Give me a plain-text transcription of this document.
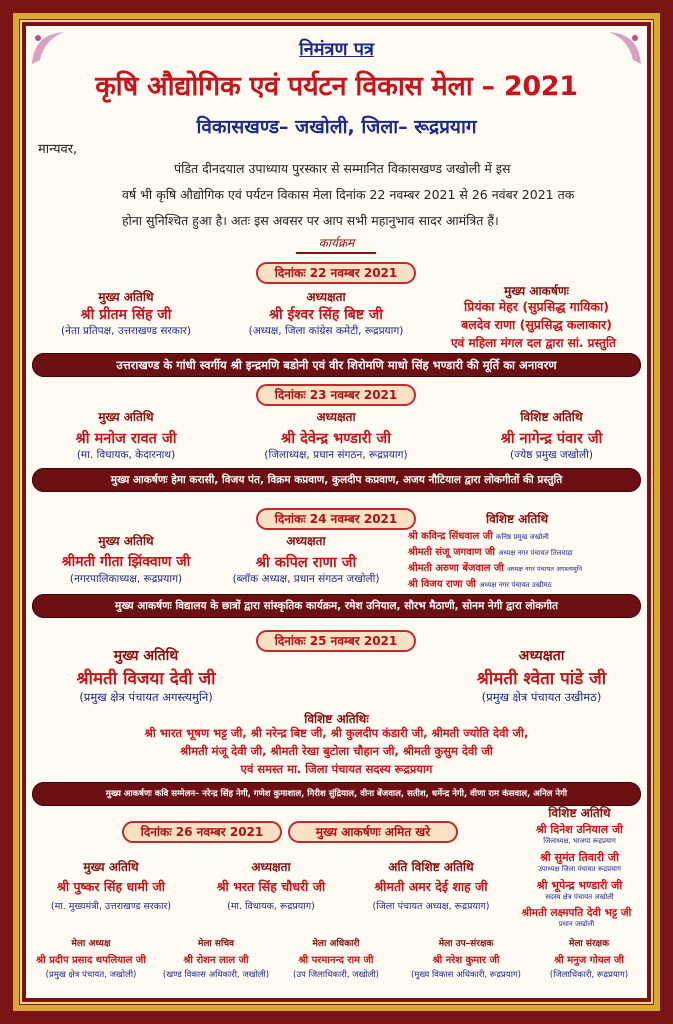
निमंत्रण पत्र
कृषि औद्योगिक एवं पर्यटन विकास मेला – 2021
विकासखण्ड– जखोली, जिला– रूद्रप्रयाग
मान्यवर,
पंडित दीनदयाल उपाध्याय पुरस्कार से सम्मानित विकासखण्ड जखोली में इस
वर्ष भी कृषि औद्योगिक एवं पर्यटन विकास मेला दिनांक 22 नवम्बर 2021 से 26 नवंबर 2021 तक
होना सुनिश्चित हुआ है। अतः इस अवसर पर आप सभी महानुभाव सादर आमंत्रित हैं।
कार्यक्रम
दिनांकः 22 नवम्बर 2021
मुख्य अतिथि
श्री प्रीतम सिंह जी
(नेता प्रतिपक्ष, उत्तराखण्ड सरकार)
अध्यक्षता
श्री ईश्वर सिंह बिष्ट जी
(अध्यक्ष, जिला कांग्रेस कमेटी, रूद्रप्रयाग)
मुख्य आकर्षणः
प्रियंका मेहर (सुप्रसिद्ध गायिका)
बलदेव राणा (सुप्रसिद्ध कलाकार)
एवं महिला मंगल दल द्वारा सां. प्रस्तुति
उत्तराखण्ड के गांधी स्वर्गीय श्री इन्द्रमणि बडोनी एवं वीर शिरोमणि माधो सिंह भण्डारी की मूर्ति का अनावरण
दिनांकः 23 नवम्बर 2021
मुख्य अतिथि
श्री मनोज रावत जी
(मा. विधायक, केदारनाथ)
अध्यक्षता
श्री देवेन्द्र भण्डारी जी
(जिलाध्यक्ष, प्रधान संगठन, रूद्रप्रयाग)
विशिष्ट अतिथि
श्री नागेन्द्र पंवार जी
(ज्येष्ठ प्रमुख जखोली)
मुख्य आकर्षणः हेमा करासी, विजय पंत, विक्रम कप्रवाण, कुलदीप कप्रवाण, अजय नौटियाल द्वारा लोकगीतों की प्रस्तुति
दिनांकः 24 नवम्बर 2021
मुख्य अतिथि
श्रीमती गीता झिंक्वाण जी
(नगरपालिकाध्यक्ष, रूद्रप्रयाग)
अध्यक्षता
श्री कपिल राणा जी
(ब्लॉक अध्यक्ष, प्रधान संगठन जखोली)
विशिष्ट अतिथि
श्री कविन्द्र सिंधवाल जी कनिष्ठ प्रमुख जखोली
श्रीमती संजू जगवाण जी अध्यक्ष नगर पंचायत तिलवाड़ा
श्रीमती अरुणा बेंजवाल जी अध्यक्ष नगर पंचायत अगस्त्यमुनि
श्री विजय राणा जी अध्यक्ष नगर पंचायत उखीमठ
मुख्य आकर्षणः विद्यालय के छात्रों द्वारा सांस्कृतिक कार्यक्रम, रमेश उनियाल, सौरभ मैठाणी, सोनम नेगी द्वारा लोकगीत
दिनांकः 25 नवम्बर 2021
मुख्य अतिथि
श्रीमती विजया देवी जी
(प्रमुख क्षेत्र पंचायत अगस्त्यमुनि)
अध्यक्षता
श्रीमती श्वेता पांडे जी
(प्रमुख क्षेत्र पंचायत उखीमठ)
विशिष्ट अतिथिः
श्री भारत भूषण भट्ट जी, श्री नरेन्द्र बिष्ट जी, श्री कुलदीप कंडारी जी, श्रीमती ज्योति देवी जी,
श्रीमती मंजू देवी जी, श्रीमती रेखा बुटोला चौहान जी, श्रीमती कुसुम देवी जी
एवं समस्त मा. जिला पंचायत सदस्य रूद्रप्रयाग
मुख्य आकर्षणः कवि सम्मेलन– नरेन्द्र सिंह नेगी, गणेश कुमाशाल, गिरीश सुंद्रियाल, वीना बेंजवाल, सतीश, धर्मेन्द्र नेगी, वीणा राम कंसवाल, अनिल नेगी
दिनांकः 26 नवम्बर 2021	मुख्य आकर्षणः अमित खरे
मुख्य अतिथि
श्री पुष्कर सिंह धामी जी
(मा. मुख्यमंत्री, उत्तराखण्ड सरकार)
अध्यक्षता
श्री भरत सिंह चौधरी जी
(मा. विधायक, रूद्रप्रयाग)
अति विशिष्ट अतिथि
श्रीमती अमर देई शाह जी
(जिला पंचायत अध्यक्ष, रूद्रप्रयाग)
विशिष्ट अतिथि
श्री दिनेश उनियाल जी
जिलाध्यक्ष, भाजपा रूद्रप्रयाग
श्री सुमंत तिवारी जी
उपाध्यक्ष जिला पंचायत रूद्रप्रयाग
श्री भूपेन्द्र भण्डारी जी
सदस्य क्षेत्र पंचायत जखोली
श्रीमती लक्ष्मपति देवी भट्ट जी
प्रधान जखोली
मेला अध्यक्ष
श्री प्रदीप प्रसाद थपलियाल जी
(प्रमुख क्षेत्र पंचायत, जखोली)
मेला सचिव
श्री रोशन लाल जी
(खण्ड विकास अधिकारी, जखोली)
मेला अधिकारी
श्री परमानन्द राम जी
(उप जिलाधिकारी, जखोली)
मेला उप–संरक्षक
श्री नरेश कुमार जी
(मुख्य विकास अधिकारी, रूद्रप्रयाग)
मेला संरक्षक
श्री मनुज गोयल जी
(जिलाधिकारी, रूद्रप्रयाग)
